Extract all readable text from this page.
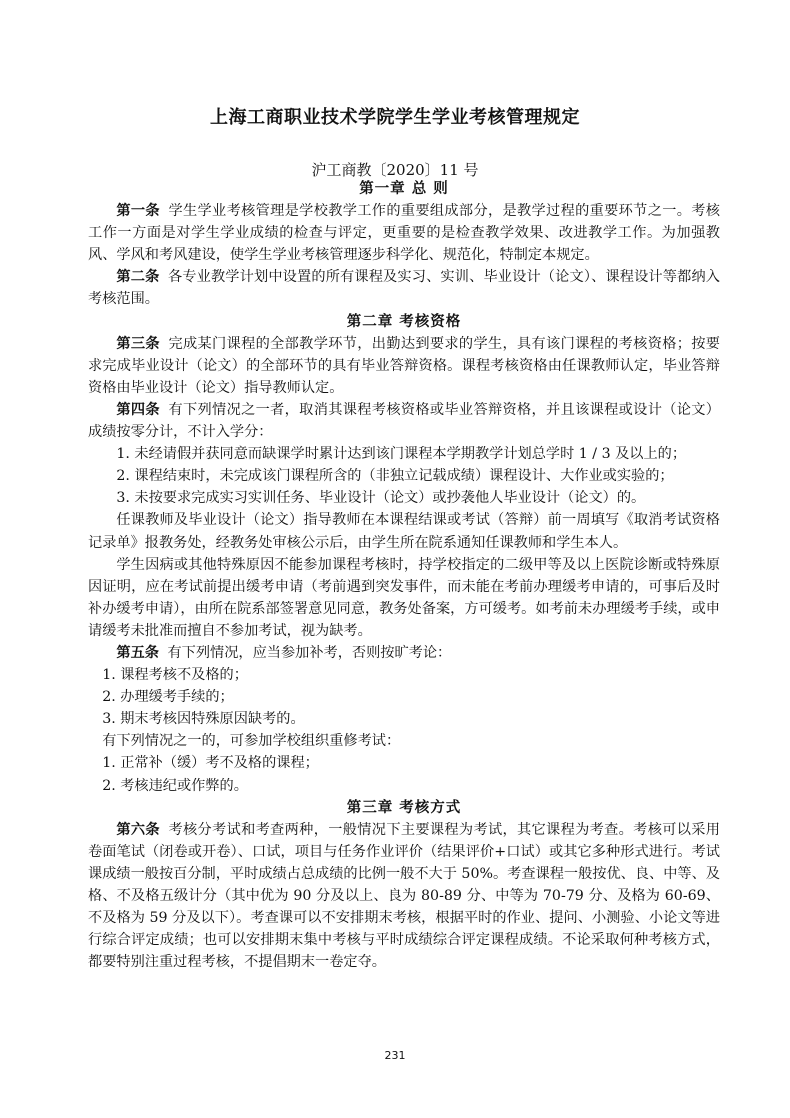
上海工商职业技术学院学生学业考核管理规定
沪工商教〔2020〕11 号

第一章 总 则

第一条 学生学业考核管理是学校教学工作的重要组成部分，是教学过程的重要环节之一。考核工作一方面是对学生学业成绩的检查与评定，更重要的是检查教学效果、改进教学工作。为加强教风、学风和考风建设，使学生学业考核管理逐步科学化、规范化，特制定本规定。

第二条 各专业教学计划中设置的所有课程及实习、实训、毕业设计（论文）、课程设计等都纳入考核范围。

第二章 考核资格

第三条 完成某门课程的全部教学环节，出勤达到要求的学生，具有该门课程的考核资格；按要求完成毕业设计（论文）的全部环节的具有毕业答辩资格。课程考核资格由任课教师认定，毕业答辩资格由毕业设计（论文）指导教师认定。

第四条 有下列情况之一者，取消其课程考核资格或毕业答辩资格，并且该课程或设计（论文）成绩按零分计，不计入学分：

1. 未经请假并获同意而缺课学时累计达到该门课程本学期教学计划总学时 1 / 3 及以上的；

2. 课程结束时，未完成该门课程所含的（非独立记载成绩）课程设计、大作业或实验的；

3. 未按要求完成实习实训任务、毕业设计（论文）或抄袭他人毕业设计（论文）的。

任课教师及毕业设计（论文）指导教师在本课程结课或考试（答辩）前一周填写《取消考试资格记录单》报教务处，经教务处审核公示后，由学生所在院系通知任课教师和学生本人。

学生因病或其他特殊原因不能参加课程考核时，持学校指定的二级甲等及以上医院诊断或特殊原因证明，应在考试前提出缓考申请（考前遇到突发事件，而未能在考前办理缓考申请的，可事后及时补办缓考申请），由所在院系部签署意见同意，教务处备案，方可缓考。如考前未办理缓考手续，或申请缓考未批准而擅自不参加考试，视为缺考。

第五条 有下列情况，应当参加补考，否则按旷考论：

1. 课程考核不及格的；

2. 办理缓考手续的；

3. 期末考核因特殊原因缺考的。

有下列情况之一的，可参加学校组织重修考试：

1. 正常补（缓）考不及格的课程；

2. 考核违纪或作弊的。

第三章 考核方式

第六条 考核分考试和考查两种，一般情况下主要课程为考试，其它课程为考查。考核可以采用卷面笔试（闭卷或开卷）、口试，项目与任务作业评价（结果评价+口试）或其它多种形式进行。考试课成绩一般按百分制，平时成绩占总成绩的比例一般不大于 50%。考查课程一般按优、良、中等、及格、不及格五级计分（其中优为 90 分及以上、良为 80-89 分、中等为 70-79 分、及格为 60-69、不及格为 59 分及以下）。考查课可以不安排期末考核，根据平时的作业、提问、小测验、小论文等进行综合评定成绩；也可以安排期末集中考核与平时成绩综合评定课程成绩。不论采取何种考核方式，都要特别注重过程考核，不提倡期末一卷定夺。

231
